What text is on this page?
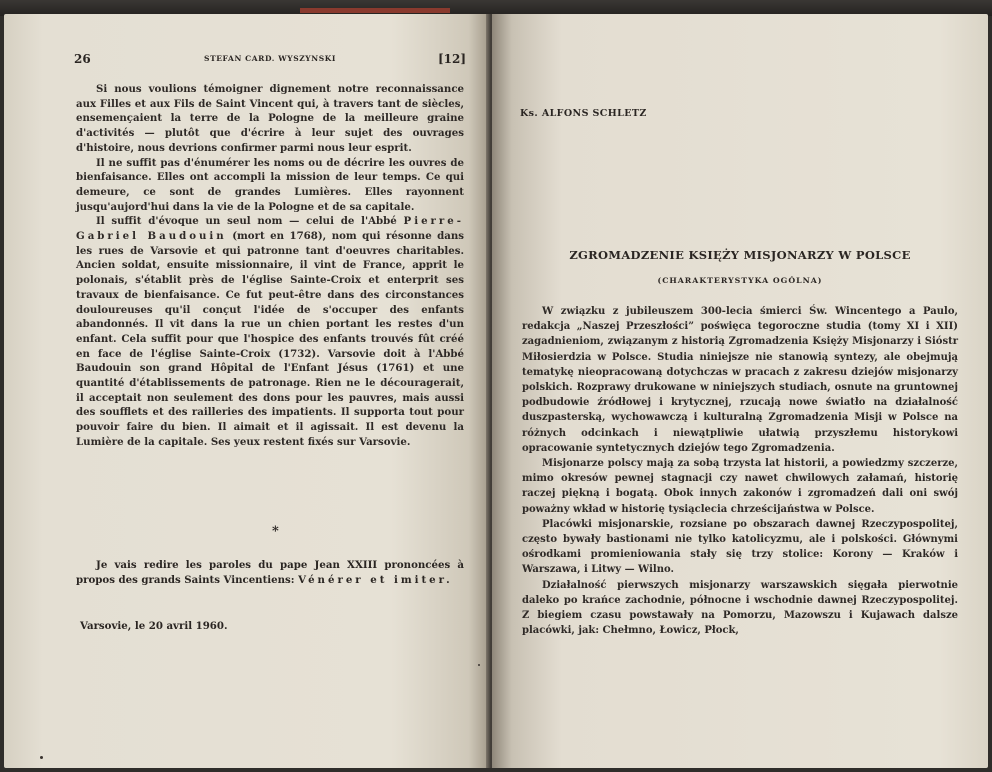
26	STEFAN CARD. WYSZYNSKI	[12]

Si nous voulions témoigner dignement notre reconnaissance aux Filles et aux Fils de Saint Vincent qui, à travers tant de siècles, ensemençaient la terre de la Pologne de la meilleure graine d'activités — plutôt que d'écrire à leur sujet des ouvrages d'histoire, nous devrions confirmer parmi nous leur esprit.

Il ne suffit pas d'énumérer les noms ou de décrire les ouvres de bienfaisance. Elles ont accompli la mission de leur temps. Ce qui demeure, ce sont de grandes Lumières. Elles rayonnent jusqu'aujord'hui dans la vie de la Pologne et de sa capitale.

Il suffit d'évoque un seul nom — celui de l'Abbé Pierre-Gabriel Baudouin (mort en 1768), nom qui résonne dans les rues de Varsovie et qui patronne tant d'oeuvres charitables. Ancien soldat, ensuite missionnaire, il vint de France, apprit le polonais, s'établit près de l'église Sainte-Croix et enterprit ses travaux de bienfaisance. Ce fut peut-être dans des circonstances douloureuses qu'il conçut l'idée de s'occuper des enfants abandonnés. Il vit dans la rue un chien portant les restes d'un enfant. Cela suffit pour que l'hospice des enfants trouvés fût créé en face de l'église Sainte-Croix (1732). Varsovie doit à l'Abbé Baudouin son grand Hôpital de l'Enfant Jésus (1761) et une quantité d'établissements de patronage. Rien ne le découragerait, il acceptait non seulement des dons pour les pauvres, mais aussi des soufflets et des railleries des impatients. Il supporta tout pour pouvoir faire du bien. Il aimait et il agissait. Il est devenu la Lumière de la capitale. Ses yeux restent fixés sur Varsovie.

*
Je vais redire les paroles du pape Jean XXIII prononcées à propos des grands Saints Vincentiens: Vénérer et imiter.
Varsovie, le 20 avril 1960.
Ks. ALFONS SCHLETZ
ZGROMADZENIE KSIĘŻY MISJONARZY W POLSCE
(CHARAKTERYSTYKA OGÓLNA)

W związku z jubileuszem 300-lecia śmierci Św. Wincentego a Paulo, redakcja „Naszej Przeszłości” poświęca tegoroczne studia (tomy XI i XII) zagadnieniom, związanym z historią Zgromadzenia Księży Misjonarzy i Sióstr Miłosierdzia w Polsce. Studia niniejsze nie stanowią syntezy, ale obejmują tematykę nieopracowaną dotychczas w pracach z zakresu dziejów misjonarzy polskich. Rozprawy drukowane w niniejszych studiach, osnute na gruntownej podbudowie źródłowej i krytycznej, rzucają nowe światło na działalność duszpasterską, wychowawczą i kulturalną Zgromadzenia Misji w Polsce na różnych odcinkach i niewątpliwie ułatwią przyszłemu historykowi opracowanie syntetycznych dziejów tego Zgromadzenia.

Misjonarze polscy mają za sobą trzysta lat historii, a powiedzmy szczerze, mimo okresów pewnej stagnacji czy nawet chwilowych załamań, historię raczej piękną i bogatą. Obok innych zakonów i zgromadzeń dali oni swój poważny wkład w historię tysiąclecia chrześcijaństwa w Polsce.

Placówki misjonarskie, rozsiane po obszarach dawnej Rzeczypospolitej, często bywały bastionami nie tylko katolicyzmu, ale i polskości. Głównymi ośrodkami promieniowania stały się trzy stolice: Korony — Kraków i Warszawa, i Litwy — Wilno.

Działalność pierwszych misjonarzy warszawskich sięgała pierwotnie daleko po krańce zachodnie, północne i wschodnie dawnej Rzeczypospolitej. Z biegiem czasu powstawały na Pomorzu, Mazowszu i Kujawach dalsze placówki, jak: Chełmno, Łowicz, Płock,
